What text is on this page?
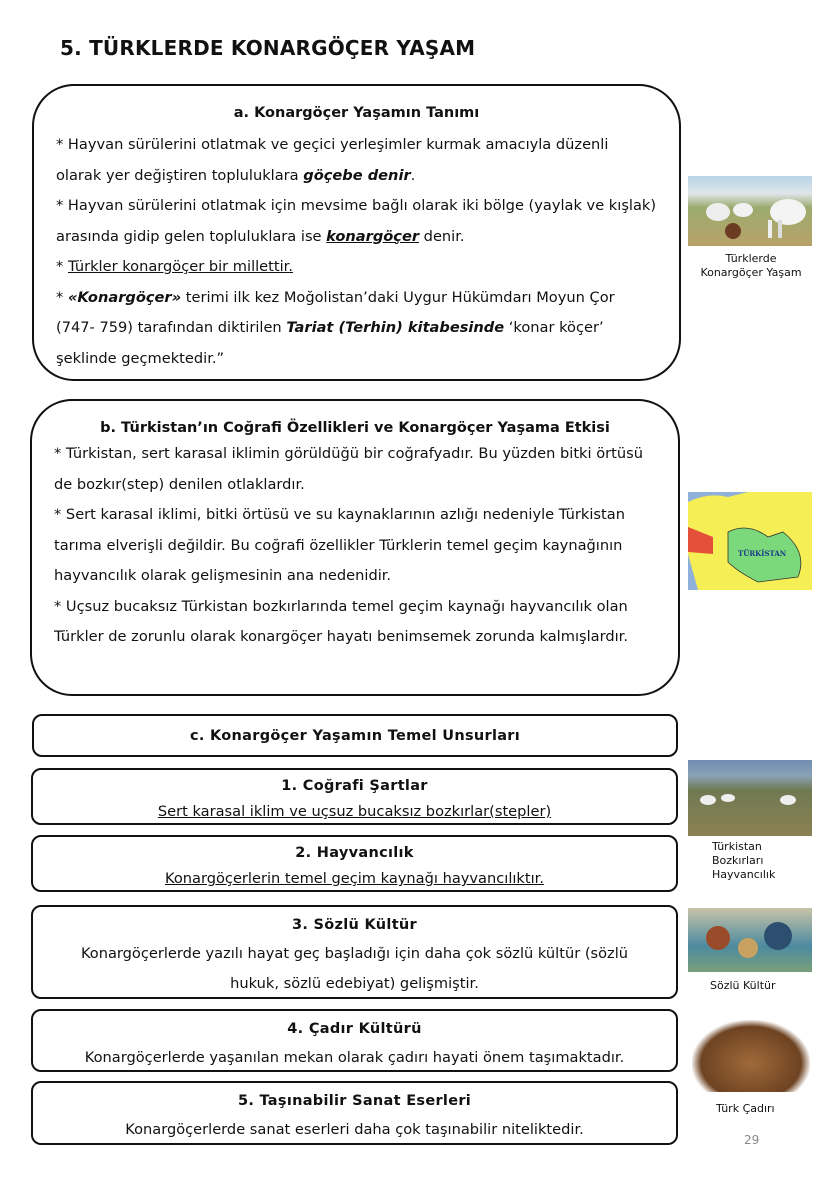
5. TÜRKLERDE KONARGÖÇER YAŞAM
a. Konargöçer Yaşamın Tanımı

* Hayvan sürülerini otlatmak ve geçici yerleşimler kurmak amacıyla düzenli olarak yer değiştiren topluluklara göçebe denir.

* Hayvan sürülerini otlatmak için mevsime bağlı olarak iki bölge (yaylak ve kışlak) arasında gidip gelen topluluklara ise konargöçer denir.

* Türkler konargöçer bir millettir.

* «Konargöçer» terimi ilk kez Moğolistan’daki Uygur Hükümdarı Moyun Çor (747- 759) tarafından diktirilen Tariat (Terhin) kitabesinde ‘konar köçer’ şeklinde geçmektedir.”

b. Türkistan’ın Coğrafi Özellikleri ve Konargöçer Yaşama Etkisi

* Türkistan, sert karasal iklimin görüldüğü bir coğrafyadır. Bu yüzden bitki örtüsü de bozkır(step) denilen otlaklardır.

* Sert karasal iklimi, bitki örtüsü ve su kaynaklarının azlığı nedeniyle Türkistan tarıma elverişli değildir. Bu coğrafi özellikler Türklerin temel geçim kaynağının hayvancılık olarak gelişmesinin ana nedenidir.

* Uçsuz bucaksız Türkistan bozkırlarında temel geçim kaynağı hayvancılık olan Türkler de zorunlu olarak konargöçer hayatı benimsemek zorunda kalmışlardır.

c. Konargöçer Yaşamın Temel Unsurları
1. Coğrafi Şartlar

Sert karasal iklim ve uçsuz bucaksız bozkırlar(stepler)

2. Hayvancılık

Konargöçerlerin temel geçim kaynağı hayvancılıktır.

3. Sözlü Kültür

Konargöçerlerde yazılı hayat geç başladığı için daha çok sözlü kültür (sözlü hukuk, sözlü edebiyat) gelişmiştir.

4. Çadır Kültürü

Konargöçerlerde yaşanılan mekan olarak çadırı hayati önem taşımaktadır.

5. Taşınabilir Sanat Eserleri

Konargöçerlerde sanat eserleri daha çok taşınabilir niteliktedir.

Türklerde
Konargöçer Yaşam
TÜRKİSTAN
Türkistan
Bozkırları
Hayvancılık
Sözlü Kültür
Türk Çadırı
29
